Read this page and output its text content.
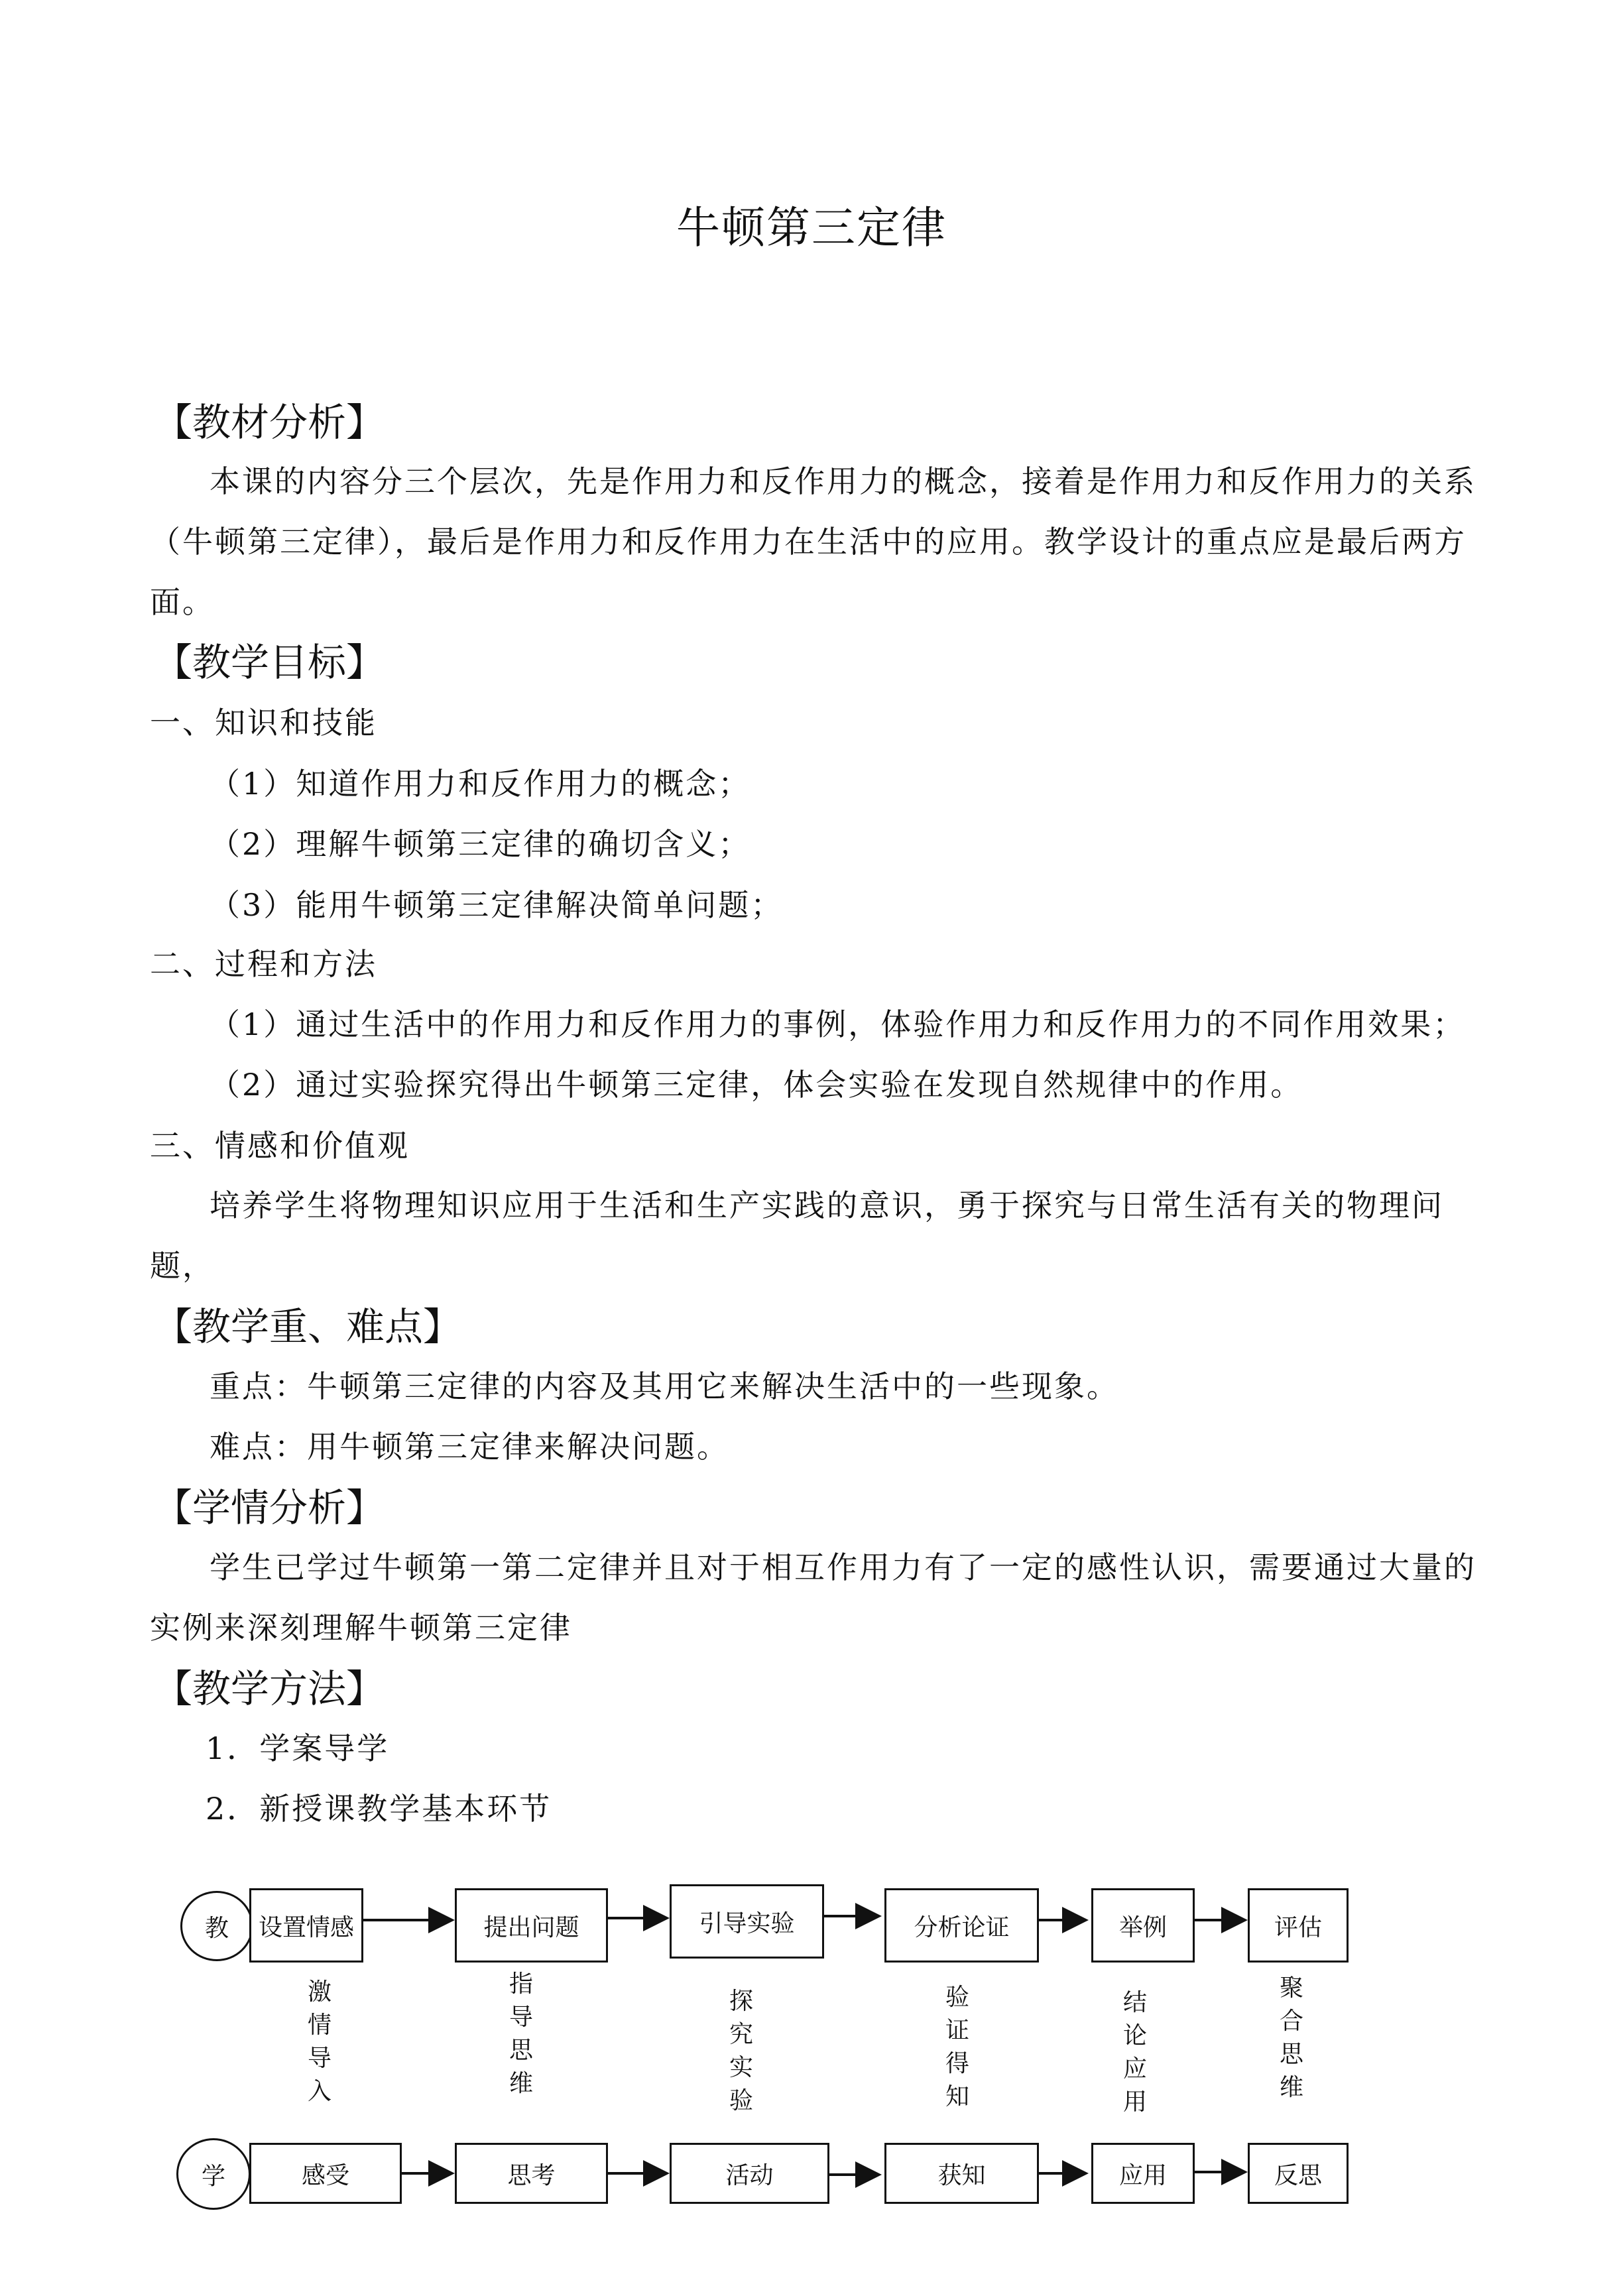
牛顿第三定律
【教材分析】
本课的内容分三个层次，先是作用力和反作用力的概念，接着是作用力和反作用力的关系
（牛顿第三定律），最后是作用力和反作用力在生活中的应用。教学设计的重点应是最后两方
面。
【教学目标】
一、知识和技能
（1）知道作用力和反作用力的概念；
（2）理解牛顿第三定律的确切含义；
（3）能用牛顿第三定律解决简单问题；
二、过程和方法
（1）通过生活中的作用力和反作用力的事例，体验作用力和反作用力的不同作用效果；
（2）通过实验探究得出牛顿第三定律，体会实验在发现自然规律中的作用。
三、情感和价值观
培养学生将物理知识应用于生活和生产实践的意识，勇于探究与日常生活有关的物理问
题，
【教学重、难点】
重点：牛顿第三定律的内容及其用它来解决生活中的一些现象。
难点：用牛顿第三定律来解决问题。
【学情分析】
学生已学过牛顿第一第二定律并且对于相互作用力有了一定的感性认识，需要通过大量的
实例来深刻理解牛顿第三定律
【教学方法】
1．学案导学
2．新授课教学基本环节
教
学
设置情感	提出问题	引导实验	分析论证	举例	评估
激
情
导
入
指
导
思
维
探
究
实
验
验
证
得
知
结
论
应
用
聚
合
思
维
感受	思考	活动	获知	应用	反思
